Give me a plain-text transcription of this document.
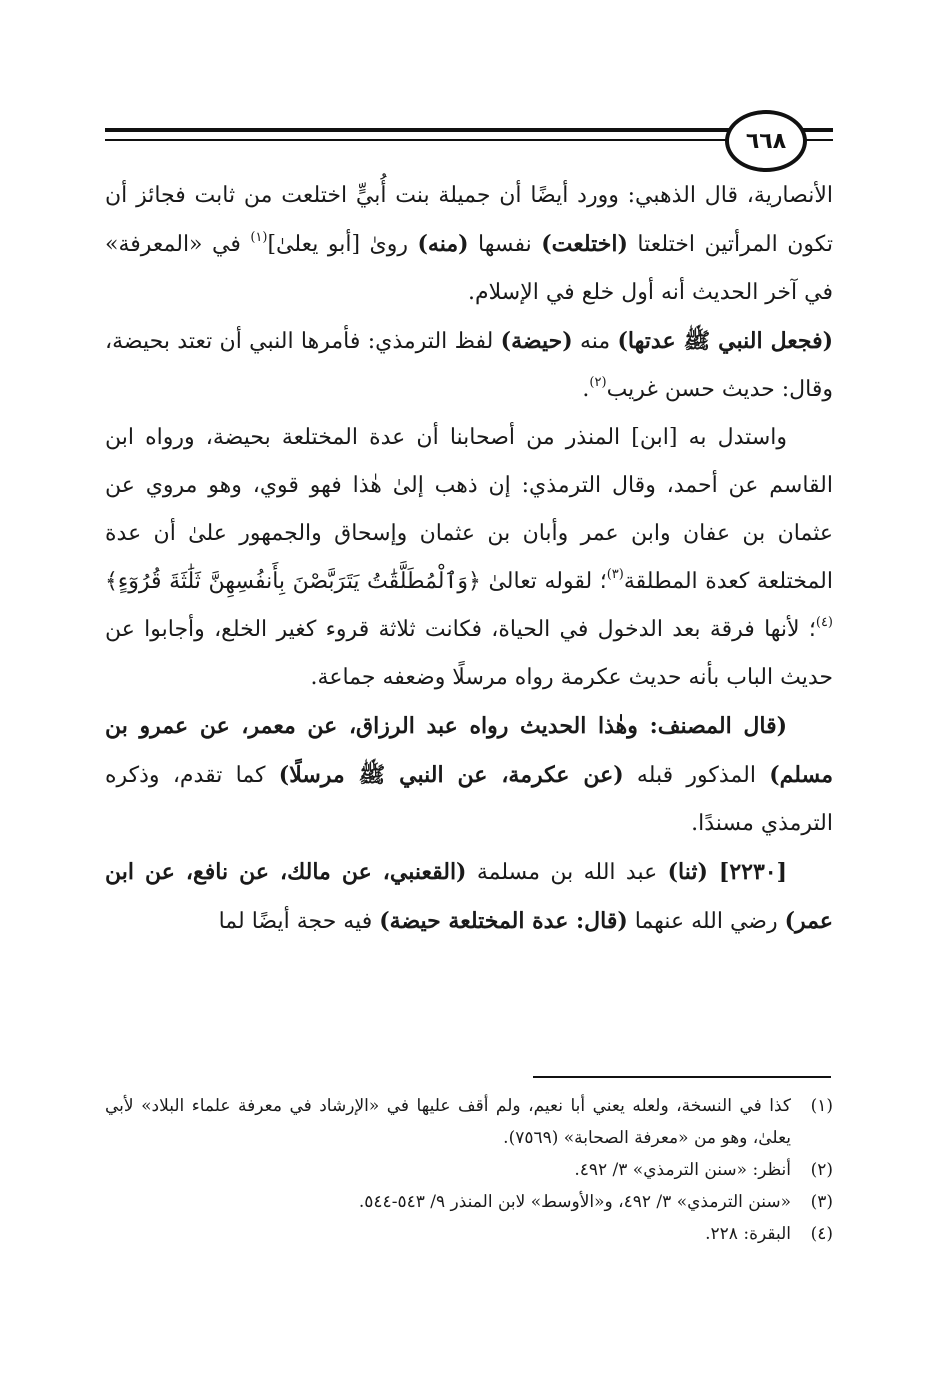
٦٦٨

الأنصارية، قال الذهبي: وورد أيضًا أن جميلة بنت أُبيٍّ اختلعت من ثابت فجائز أن تكون المرأتين اختلعتا (اختلعت) نفسها (منه) روىٰ [أبو يعلىٰ]$^{(١)}$ في «المعرفة» في آخر الحديث أنه أول خلع في الإسلام.

(فجعل النبي ﷺ عدتها) منه (حيضة) لفظ الترمذي: فأمرها النبي أن تعتد بحيضة، وقال: حديث حسن غريب$^{(٢)}$.

واستدل به [ابن] المنذر من أصحابنا أن عدة المختلعة بحيضة، ورواه ابن القاسم عن أحمد، وقال الترمذي: إن ذهب إلىٰ هٰذا فهو قوي، وهو مروي عن عثمان بن عفان وابن عمر وأبان بن عثمان وإسحاق والجمهور علىٰ أن عدة المختلعة كعدة المطلقة$^{(٣)}$؛ لقوله تعالىٰ ﴿وَٱلْمُطَلَّقَٰتُ يَتَرَبَّصْنَ بِأَنفُسِهِنَّ ثَلَٰثَةَ قُرُوٓءٍ﴾$^{(٤)}$؛ لأنها فرقة بعد الدخول في الحياة، فكانت ثلاثة قروء كغير الخلع، وأجابوا عن حديث الباب بأنه حديث عكرمة رواه مرسلًا وضعفه جماعة.

(قال المصنف: وهٰذا الحديث رواه عبد الرزاق، عن معمر، عن عمرو بن مسلم) المذكور قبله (عن عكرمة، عن النبي ﷺ مرسلًا) كما تقدم، وذكره الترمذي مسندًا.

[٢٢٣٠] (ثنا) عبد الله بن مسلمة (القعنبي، عن مالك، عن نافع، عن ابن عمر) رضي الله عنهما (قال: عدة المختلعة حيضة) فيه حجة أيضًا لما

(١)
كذا في النسخة، ولعله يعني أبا نعيم، ولم أقف عليها في «الإرشاد في معرفة علماء البلاد» لأبي يعلىٰ، وهو من «معرفة الصحابة» (٧٥٦٩).
(٢)
أنظر: «سنن الترمذي» ٣/ ٤٩٢.
(٣)
«سنن الترمذي» ٣/ ٤٩٢، و«الأوسط» لابن المنذر ٩/ ٥٤٣-٥٤٤.
(٤)
البقرة: ٢٢٨.
